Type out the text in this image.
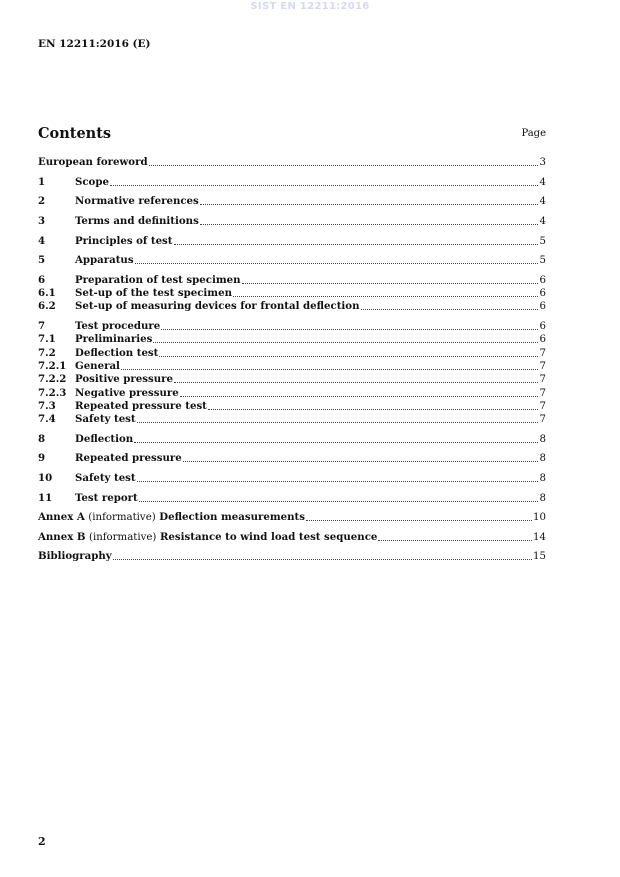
SIST EN 12211:2016
EN 12211:2016 (E)
Contents	Page
European foreword	3
1	Scope	4
2	Normative references	4
3	Terms and definitions	4
4	Principles of test	5
5	Apparatus	5
6	Preparation of test specimen	6
6.1	Set-up of the test specimen	6
6.2	Set-up of measuring devices for frontal deflection	6
7	Test procedure	6
7.1	Preliminaries	6
7.2	Deflection test	7
7.2.1 General	7
7.2.2 Positive pressure	7
7.2.3 Negative pressure	7
7.3	Repeated pressure test	7
7.4	Safety test	7
8	Deflection	8
9	Repeated pressure	8
10	Safety test	8
11	Test report	8
Annex A (informative) Deflection measurements	10
Annex B (informative) Resistance to wind load test sequence	14
Bibliography	15
2
